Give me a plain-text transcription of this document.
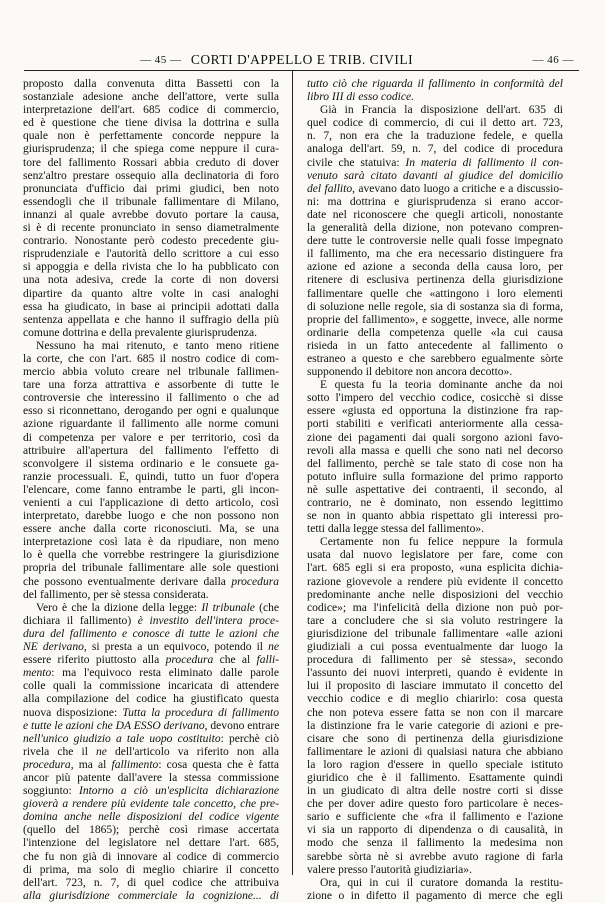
— 45 — CORTI D'APPELLO E TRIB. CIVILI	— 46 —
proposto dalla convenuta ditta Bassetti con la
sostanziale adesione anche dell'attore, verte sulla
interpretazione dell'art. 685 codice di commercio,
ed è questione che tiene divisa la dottrina e sulla
quale non è perfettamente concorde neppure la
giurisprudenza; il che spiega come neppure il cura-
tore del fallimento Rossari abbia creduto di dover
senz'altro prestare ossequio alla declinatoria di foro
pronunciata d'ufficio dai primi giudici, ben noto
essendogli che il tribunale fallimentare di Milano,
innanzi al quale avrebbe dovuto portare la causa,
si è di recente pronunciato in senso diametralmente
contrario. Nonostante però codesto precedente giu-
risprudenziale e l'autorità dello scrittore a cui esso
si appoggia e della rivista che lo ha pubblicato con
una nota adesiva, crede la corte di non doversi
dipartire da quanto altre volte in casi analoghi
essa ha giudicato, in base ai principii adottati dalla
sentenza appellata e che hanno il suffragio della più
comune dottrina e della prevalente giurisprudenza.
Nessuno ha mai ritenuto, e tanto meno ritiene
la corte, che con l'art. 685 il nostro codice di com-
mercio abbia voluto creare nel tribunale fallimen-
tare una forza attrattiva e assorbente di tutte le
controversie che interessino il fallimento o che ad
esso si riconnettano, derogando per ogni e qualunque
azione riguardante il fallimento alle norme comuni
di competenza per valore e per territorio, così da
attribuire all'apertura del fallimento l'effetto di
sconvolgere il sistema ordinario e le consuete ga-
ranzie processuali. È, quindi, tutto un fuor d'opera
l'elencare, come fanno entrambe le parti, gli incon-
venienti a cui l'applicazione di detto articolo, così
interpretato, darebbe luogo e che non possono non
essere anche dalla corte riconosciuti. Ma, se una
interpretazione così lata è da ripudiare, non meno
lo è quella che vorrebbe restringere la giurisdizione
propria del tribunale fallimentare alle sole questioni
che possono eventualmente derivare dalla procedura
del fallimento, per sè stessa considerata.
Vero è che la dizione della legge: Il tribunale (che
dichiara il fallimento) è investito dell'intera proce-
dura del fallimento e conosce di tutte le azioni che
NE derivano, si presta a un equivoco, potendo il ne
essere riferito piuttosto alla procedura che al falli-
mento: ma l'equivoco resta eliminato dalle parole
colle quali la commissione incaricata di attendere
alla compilazione del codice ha giustificato questa
nuova disposizione: Tutta la procedura di fallimento
e tutte le azioni che DA ESSO derivano, devono entrare
nell'unico giudizio a tale uopo costituito: perchè ciò
rivela che il ne dell'articolo va riferito non alla
procedura, ma al fallimento: cosa questa che è fatta
ancor più patente dall'avere la stessa commissione
soggiunto: Intorno a ciò un'esplicita dichiarazione
gioverà a rendere più evidente tale concetto, che pre-
domina anche nelle disposizioni del codice vigente
(quello del 1865); perchè così rimase accertata
l'intenzione del legislatore nel dettare l'art. 685,
che fu non già di innovare al codice di commercio
di prima, ma solo di meglio chiarire il concetto
dell'art. 723, n. 7, di quel codice che attribuiva
alla giurisdizione commerciale la cognizione... di
tutto ciò che riguarda il fallimento in conformità del
libro III di esso codice.
Già in Francia la disposizione dell'art. 635 di
quel codice di commercio, di cui il detto art. 723,
n. 7, non era che la traduzione fedele, e quella
analoga dell'art. 59, n. 7, del codice di procedura
civile che statuiva: In materia di fallimento il con-
venuto sarà citato davanti al giudice del domicilio
del fallito, avevano dato luogo a critiche e a discussio-
ni: ma dottrina e giurisprudenza si erano accor-
date nel riconoscere che quegli articoli, nonostante
la generalità della dizione, non potevano compren-
dere tutte le controversie nelle quali fosse impegnato
il fallimento, ma che era necessario distinguere fra
azione ed azione a seconda della causa loro, per
ritenere di esclusiva pertinenza della giurisdizione
fallimentare quelle che «attingono i loro elementi
di soluzione nelle regole, sia di sostanza sia di forma,
proprie del fallimento», e soggette, invece, alle norme
ordinarie della competenza quelle «la cui causa
risieda in un fatto antecedente al fallimento o
estraneo a questo e che sarebbero egualmente sòrte
supponendo il debitore non ancora decotto».
E questa fu la teoria dominante anche da noi
sotto l'impero del vecchio codice, cosicchè si disse
essere «giusta ed opportuna la distinzione fra rap-
porti stabiliti e verificati anteriormente alla cessa-
zione dei pagamenti dai quali sorgono azioni favo-
revoli alla massa e quelli che sono nati nel decorso
del fallimento, perchè se tale stato di cose non ha
potuto influire sulla formazione del primo rapporto
nè sulle aspettative dei contraenti, il secondo, al
contrario, ne è dominato, non essendo legittimo
se non in quanto abbia rispettato gli interessi pro-
tetti dalla legge stessa del fallimento».
Certamente non fu felice neppure la formula
usata dal nuovo legislatore per fare, come con
l'art. 685 egli si era proposto, «una esplicita dichia-
razione giovevole a rendere più evidente il concetto
predominante anche nelle disposizioni del vecchio
codice»; ma l'infelicità della dizione non può por-
tare a concludere che si sia voluto restringere la
giurisdizione del tribunale fallimentare «alle azioni
giudiziali a cui possa eventualmente dar luogo la
procedura di fallimento per sè stessa», secondo
l'assunto dei nuovi interpreti, quando è evidente in
lui il proposito di lasciare immutato il concetto del
vecchio codice e di meglio chiarirlo: cosa questa
che non poteva essere fatta se non con il marcare
la distinzione fra le varie categorie di azioni e pre-
cisare che sono di pertinenza della giurisdizione
fallimentare le azioni di qualsiasi natura che abbiano
la loro ragion d'essere in quello speciale istituto
giuridico che è il fallimento. Esattamente quindi
in un giudicato di altra delle nostre corti si disse
che per dover adire questo foro particolare è neces-
sario e sufficiente che «fra il fallimento e l'azione
vi sia un rapporto di dipendenza o di causalità, in
modo che senza il fallimento la medesima non
sarebbe sòrta nè si avrebbe avuto ragione di farla
valere presso l'autorità giudiziaria».
Ora, qui in cui il curatore domanda la restitu-
zione o in difetto il pagamento di merce che egli
